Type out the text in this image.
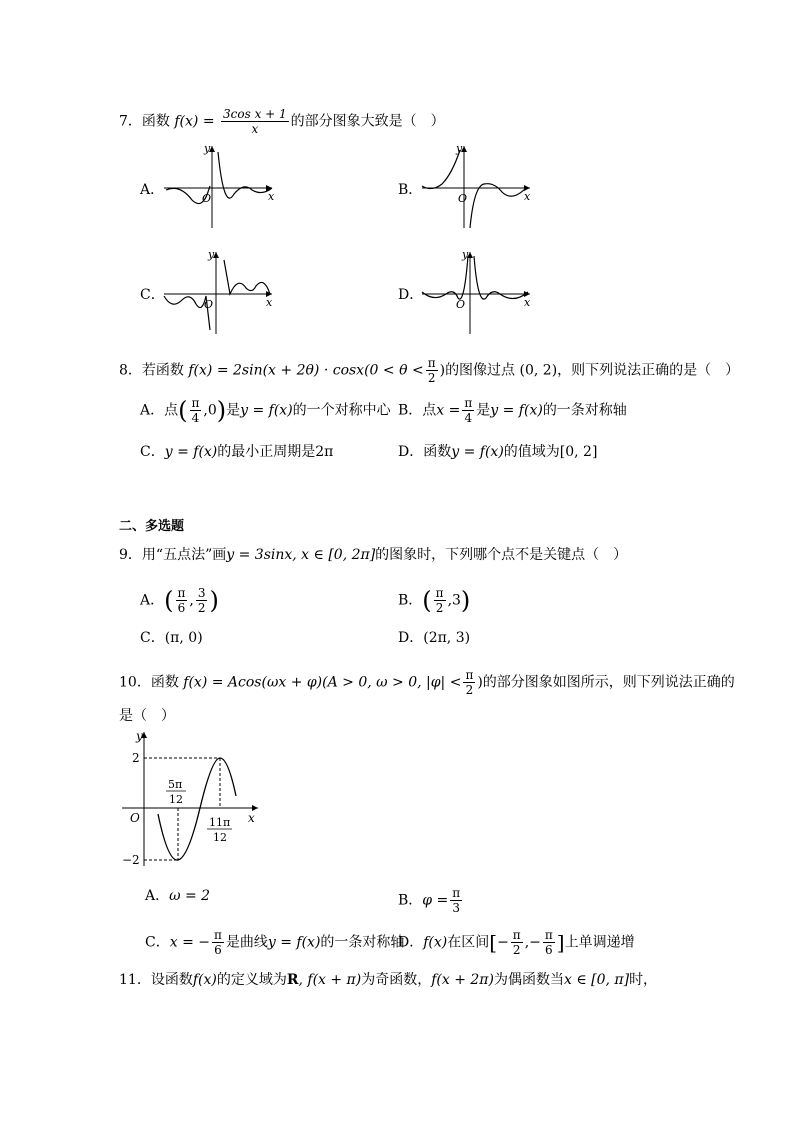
7．函数 $f(x) = \frac{\text{3cos x + 1}}{x}$ 的部分图象大致是（　）
A．
y
x
O
B．
y
x
O
C．
y
x
O
D．
y
x
O
8．若函数 $f(x) = 2\sin(x + 2\theta) \cdot \cos x(0 < \theta < \frac{\pi}{2}$ )的图像过点 (0, 2)，则下列说法正确的是（　）
A．点( $\frac{\pi}{4} ,0$)是y = f(x)的一个对称中心 B．点$x = \frac{\pi}{4}$ 是y = f(x)的一条对称轴
C．y = f(x)的最小正周期是2π	D．函数y = f(x)的值域为[0, 2]
二、多选题
9．用“五点法”画y = 3sinx, x ∈ [0, 2π]的图象时，下列哪个点不是关键点（　）
A．( $\frac{\pi}{6}$ , $\frac{3}{2}$ )	B．( $\frac{\pi}{2} ,3$)
C．(π, 0)	D．(2π, 3)
10．函数 f(x) = Acos(ωx + φ)(A > 0, ω > 0, $|\varphi| < \frac{\pi}{2}$ )的部分图象如图所示，则下列说法正确的
是（　）
y
x
O
2
−2
5π
12
11π
12
A．ω = 2	B．$\varphi = \frac{\pi}{3}$
C．x = − $\frac{\pi}{6}$ 是曲线y = f(x)的一条对称轴
D．f(x)在区间[− $\frac{\pi}{2}$ ,− $\frac{\pi}{6}$ ]上单调递增
11．设函数f(x)的定义域为R, f(x + π)为奇函数，f(x + 2π)为偶函数当x ∈ [0, π]时，
